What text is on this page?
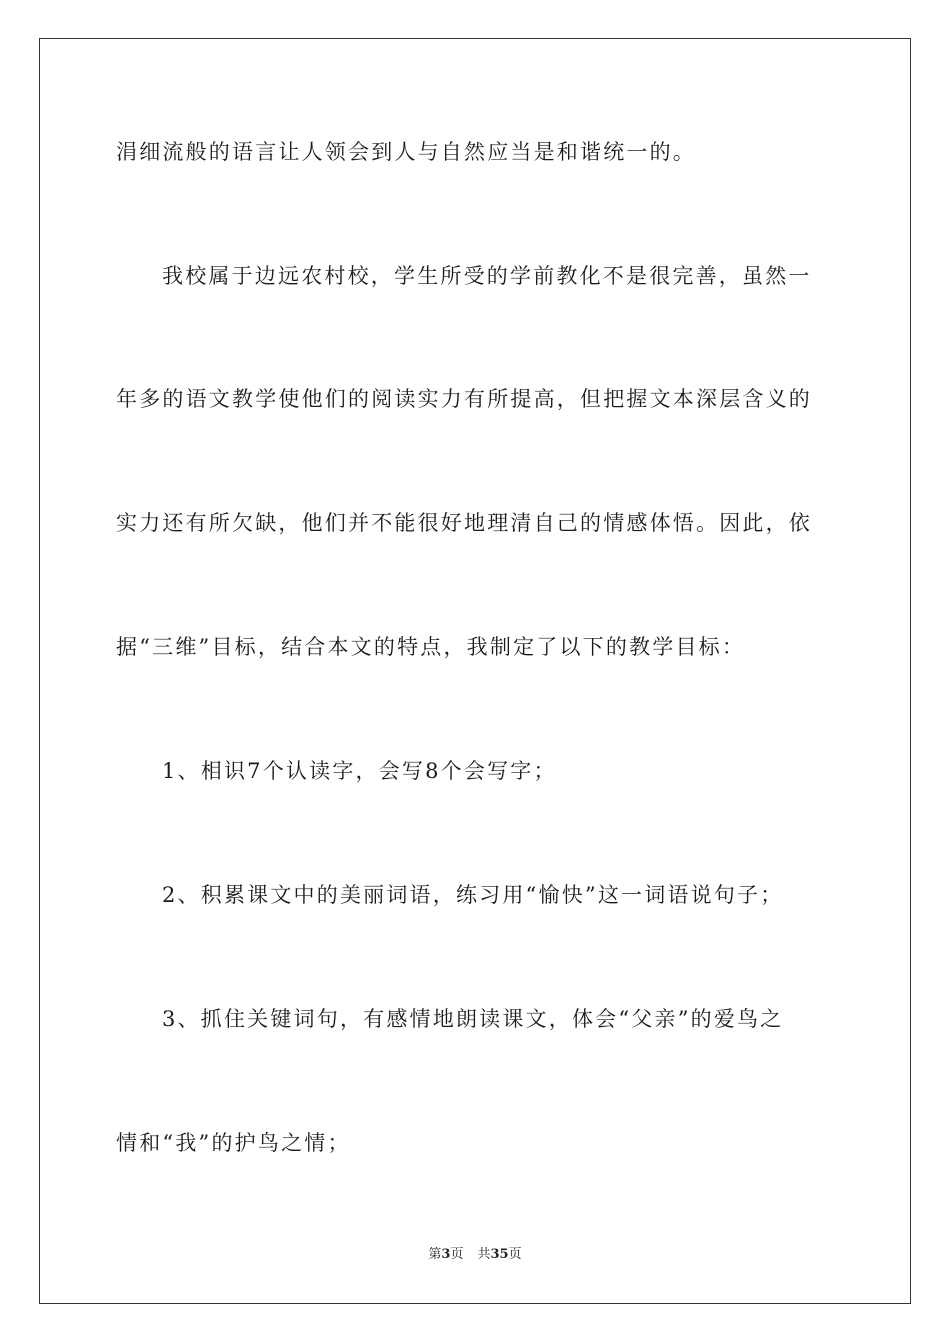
涓细流般的语言让人领会到人与自然应当是和谐统一的。
我校属于边远农村校，学生所受的学前教化不是很完善，虽然一
年多的语文教学使他们的阅读实力有所提高，但把握文本深层含义的
实力还有所欠缺，他们并不能很好地理清自己的情感体悟。因此，依
据“三维”目标，结合本文的特点，我制定了以下的教学目标：
1、相识7个认读字，会写8个会写字；
2、积累课文中的美丽词语，练习用“愉快”这一词语说句子；
3、抓住关键词句，有感情地朗读课文，体会“父亲”的爱鸟之
情和“我”的护鸟之情；
第3页 共35页
